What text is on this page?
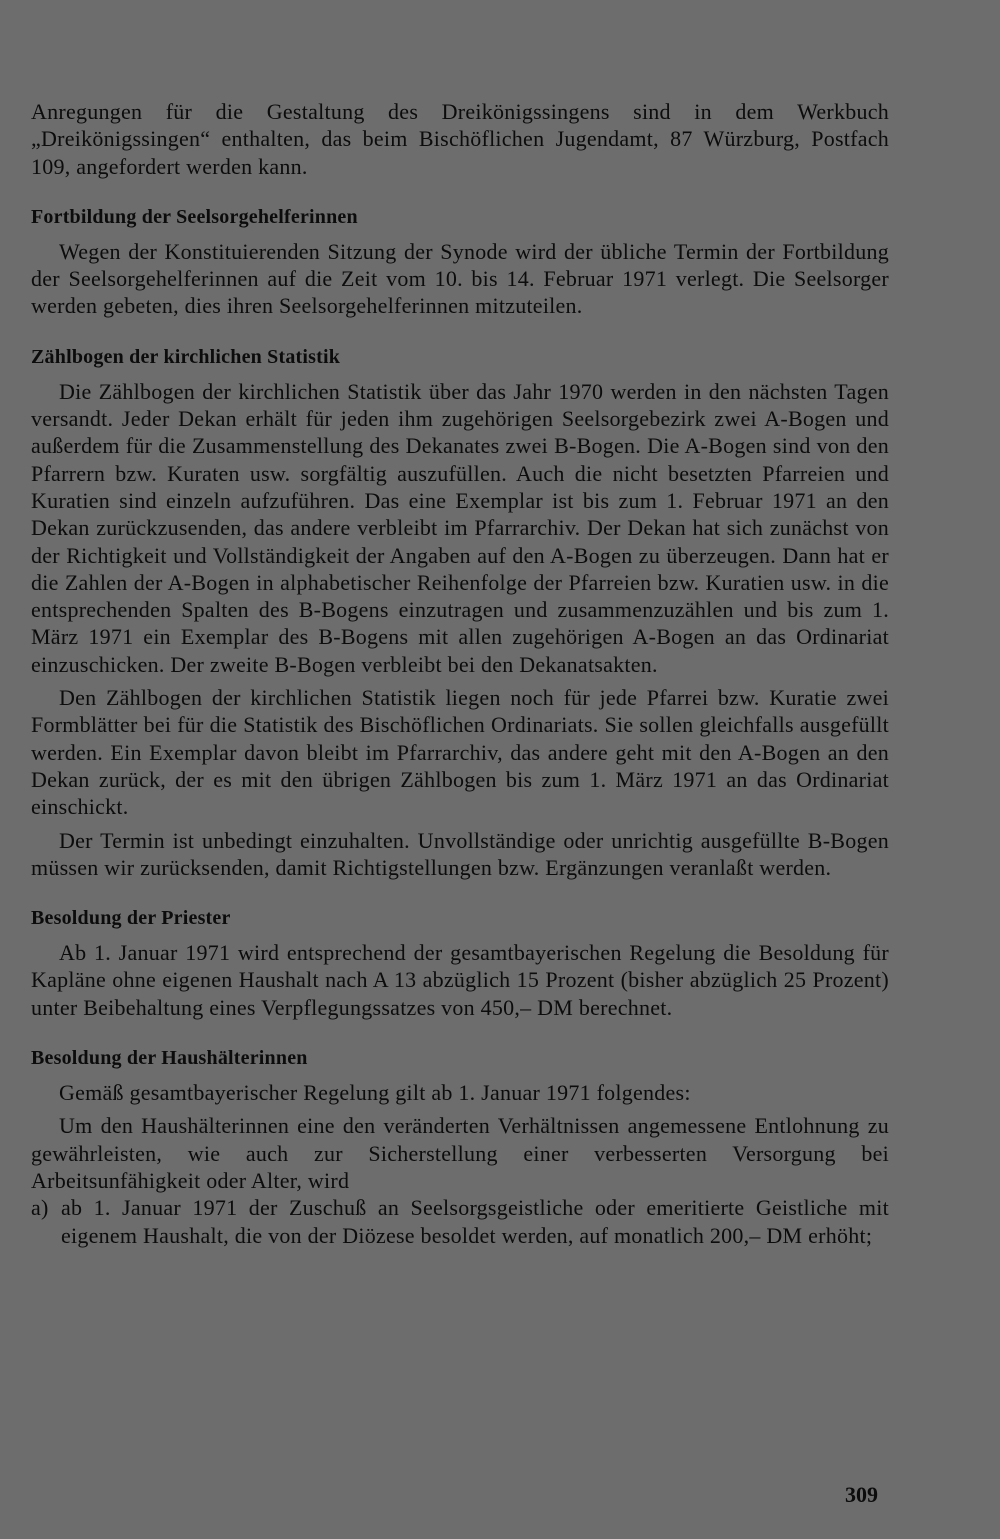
Anregungen für die Gestaltung des Dreikönigssingens sind in dem Werkbuch „Dreikönigssingen“ enthalten, das beim Bischöflichen Jugendamt, 87 Würzburg, Postfach 109, angefordert werden kann.

Fortbildung der Seelsorgehelferinnen

Wegen der Konstituierenden Sitzung der Synode wird der übliche Termin der Fortbildung der Seelsorgehelferinnen auf die Zeit vom 10. bis 14. Februar 1971 verlegt. Die Seelsorger werden gebeten, dies ihren Seelsorgehelferinnen mitzuteilen.

Zählbogen der kirchlichen Statistik

Die Zählbogen der kirchlichen Statistik über das Jahr 1970 werden in den nächsten Tagen versandt. Jeder Dekan erhält für jeden ihm zugehörigen Seelsorgebezirk zwei A-Bogen und außerdem für die Zusammenstellung des Dekanates zwei B-Bogen. Die A-Bogen sind von den Pfarrern bzw. Kuraten usw. sorgfältig auszufüllen. Auch die nicht besetzten Pfarreien und Kuratien sind einzeln aufzuführen. Das eine Exemplar ist bis zum 1. Februar 1971 an den Dekan zurückzusenden, das andere verbleibt im Pfarrarchiv. Der Dekan hat sich zunächst von der Richtigkeit und Vollständigkeit der Angaben auf den A-Bogen zu überzeugen. Dann hat er die Zahlen der A-Bogen in alphabetischer Reihenfolge der Pfarreien bzw. Kuratien usw. in die entsprechenden Spalten des B-Bogens einzutragen und zusammenzuzählen und bis zum 1. März 1971 ein Exemplar des B-Bogens mit allen zugehörigen A-Bogen an das Ordinariat einzuschicken. Der zweite B-Bogen verbleibt bei den Dekanatsakten.

Den Zählbogen der kirchlichen Statistik liegen noch für jede Pfarrei bzw. Kuratie zwei Formblätter bei für die Statistik des Bischöflichen Ordinariats. Sie sollen gleichfalls ausgefüllt werden. Ein Exemplar davon bleibt im Pfarrarchiv, das andere geht mit den A-Bogen an den Dekan zurück, der es mit den übrigen Zählbogen bis zum 1. März 1971 an das Ordinariat einschickt.

Der Termin ist unbedingt einzuhalten. Unvollständige oder unrichtig ausgefüllte B-Bogen müssen wir zurücksenden, damit Richtigstellungen bzw. Ergänzungen veranlaßt werden.

Besoldung der Priester

Ab 1. Januar 1971 wird entsprechend der gesamtbayerischen Regelung die Besoldung für Kapläne ohne eigenen Haushalt nach A 13 abzüglich 15 Prozent (bisher abzüglich 25 Prozent) unter Beibehaltung eines Verpflegungssatzes von 450,– DM berechnet.

Besoldung der Haushälterinnen

Gemäß gesamtbayerischer Regelung gilt ab 1. Januar 1971 folgendes:

Um den Haushälterinnen eine den veränderten Verhältnissen angemessene Entlohnung zu gewährleisten, wie auch zur Sicherstellung einer verbesserten Versorgung bei Arbeitsunfähigkeit oder Alter, wird

a) ab 1. Januar 1971 der Zuschuß an Seelsorgsgeistliche oder emeritierte Geistliche mit eigenem Haushalt, die von der Diözese besoldet werden, auf monatlich 200,– DM erhöht;
309
